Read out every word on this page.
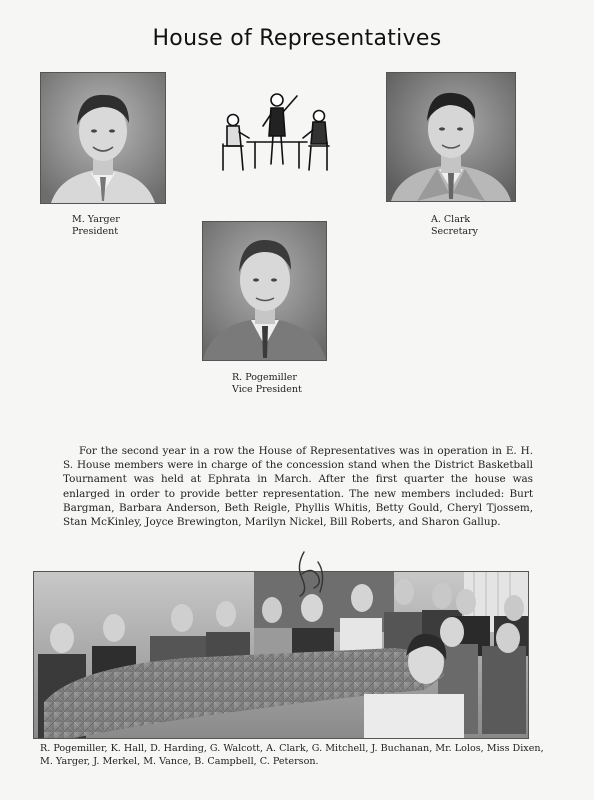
House of Representatives
M. Yarger
President
A. Clark
Secretary
R. Pogemiller
Vice President
For the second year in a row the House of Representatives was in operation in E. H. S. House members were in charge of the concession stand when the District Basketball Tournament was held at Ephrata in March. After the first quarter the house was enlarged in order to provide better representation. The new members included: Burt Bargman, Barbara Anderson, Beth Reigle, Phyllis Whitis, Betty Gould, Cheryl Tjossem, Stan McKinley, Joyce Brewington, Marilyn Nickel, Bill Roberts, and Sharon Gallup.
R. Pogemiller, K. Hall, D. Harding, G. Walcott, A. Clark, G. Mitchell, J. Buchanan, Mr. Lolos, Miss Dixen, M. Yarger, J. Merkel, M. Vance, B. Campbell, C. Peterson.
